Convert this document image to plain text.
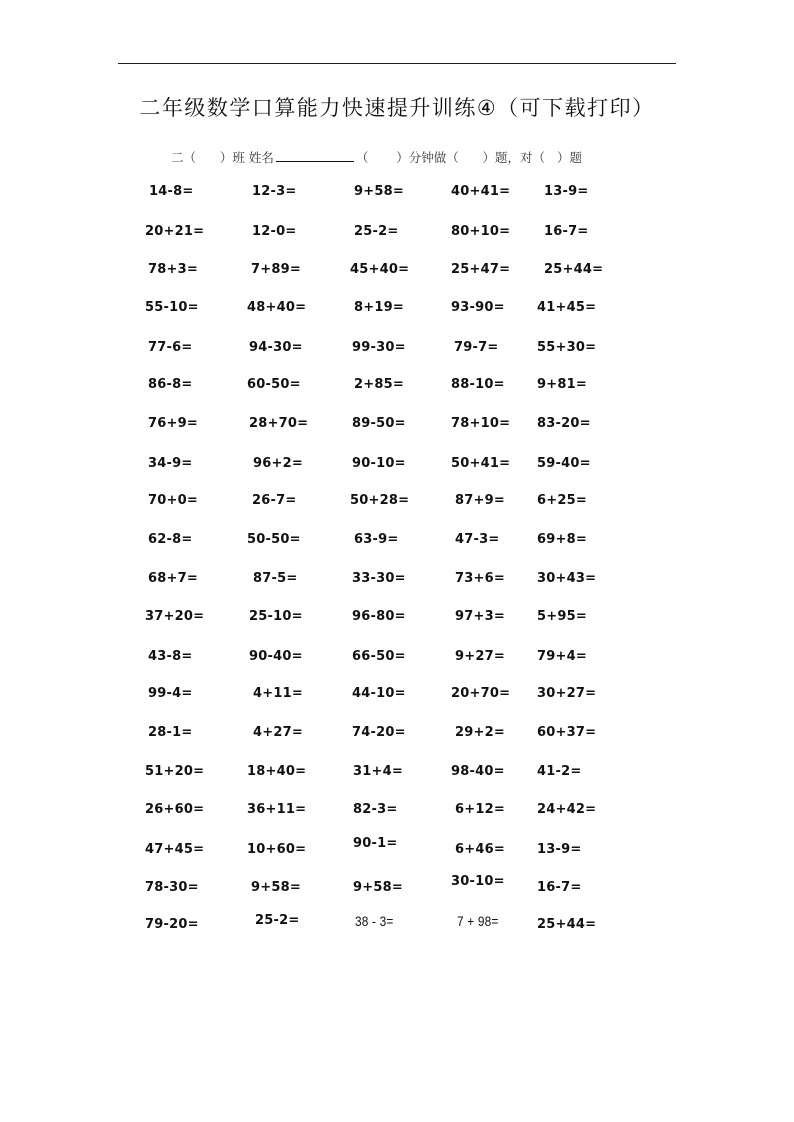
二年级数学口算能力快速提升训练④（可下载打印）
二（ ）班 姓名	（ ）分钟做（ ）题，对（ ）题
14-8=	12-3=	9+58=	40+41=	13-9=
20+21=	12-0=	25-2=	80+10=	16-7=
78+3=	7+89=	45+40=	25+47=	25+44=
55-10=	48+40=	8+19=	93-90= 41+45=
77-6=	94-30=	99-30=	79-7=	55+30=
86-8=	60-50=	2+85=	88-10= 9+81=
76+9=	28+70=	89-50=	78+10= 83-20=
34-9=	96+2=	90-10=	50+41= 59-40=
70+0=	26-7=	50+28=	87+9= 6+25=
62-8=	50-50=	63-9=	47-3=	69+8=
68+7=	87-5=	33-30=	73+6= 30+43=
37+20=	25-10=	96-80=	97+3= 5+95=
43-8=	90-40=	66-50=	9+27= 79+4=
99-4=	4+11=	44-10=	20+70= 30+27=
28-1=	4+27=	74-20=	29+2= 60+37=
51+20=	18+40=	31+4=	98-40= 41-2=
26+60=	36+11=	82-3=	6+12= 24+42=
47+45=	10+60=	90-1=	6+46= 13-9=
78-30=	9+58=	9+58=	30-10= 16-7=
79-20=	25-2=	38 - 3=	7 + 98=	25+44=
